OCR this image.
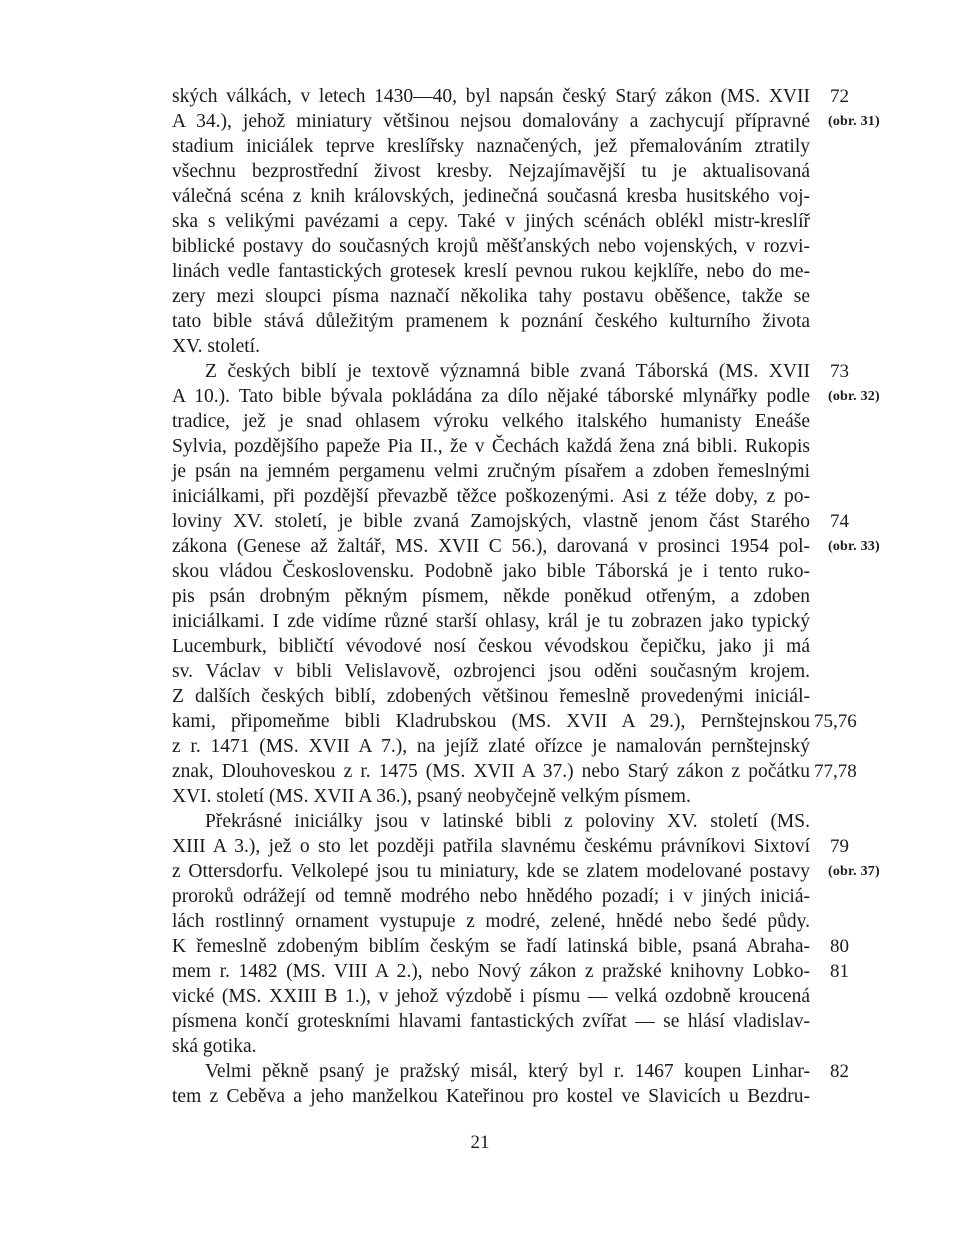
ských válkách, v letech 1430—40, byl napsán český Starý zákon (MS. XVII
A 34.), jehož miniatury většinou nejsou domalovány a zachycují přípravné
stadium iniciálek teprve kreslířsky naznačených, jež přemalováním ztratily
všechnu bezprostřední živost kresby. Nejzajímavější tu je aktualisovaná
válečná scéna z knih královských, jedinečná současná kresba husitského voj-
ska s velikými pavézami a cepy. Také v jiných scénách oblékl mistr-kreslíř
biblické postavy do současných krojů měšťanských nebo vojenských, v rozvi-
linách vedle fantastických grotesek kreslí pevnou rukou kejklíře, nebo do me-
zery mezi sloupci písma naznačí několika tahy postavu oběšence, takže se
tato bible stává důležitým pramenem k poznání českého kulturního života
XV. století.
Z českých biblí je textově významná bible zvaná Táborská (MS. XVII
A 10.). Tato bible bývala pokládána za dílo nějaké táborské mlynářky podle
tradice, jež je snad ohlasem výroku velkého italského humanisty Eneáše
Sylvia, pozdějšího papeže Pia II., že v Čechách každá žena zná bibli. Rukopis
je psán na jemném pergamenu velmi zručným písařem a zdoben řemeslnými
iniciálkami, při pozdější převazbě těžce poškozenými. Asi z téže doby, z po-
loviny XV. století, je bible zvaná Zamojských, vlastně jenom část Starého
zákona (Genese až žaltář, MS. XVII C 56.), darovaná v prosinci 1954 pol-
skou vládou Československu. Podobně jako bible Táborská je i tento ruko-
pis psán drobným pěkným písmem, někde poněkud otřeným, a zdoben
iniciálkami. I zde vidíme různé starší ohlasy, král je tu zobrazen jako typický
Lucemburk, bibličtí vévodové nosí českou vévodskou čepičku, jako ji má
sv. Václav v bibli Velislavově, ozbrojenci jsou oděni současným krojem.
Z dalších českých biblí, zdobených většinou řemeslně provedenými iniciál-
kami, připomeňme bibli Kladrubskou (MS. XVII A 29.), Pernštejnskou
z r. 1471 (MS. XVII A 7.), na jejíž zlaté ořízce je namalován pernštejnský
znak, Dlouhoveskou z r. 1475 (MS. XVII A 37.) nebo Starý zákon z počátku
XVI. století (MS. XVII A 36.), psaný neobyčejně velkým písmem.
Překrásné iniciálky jsou v latinské bibli z poloviny XV. století (MS.
XIII A 3.), jež o sto let později patřila slavnému českému právníkovi Sixtoví
z Ottersdorfu. Velkolepé jsou tu miniatury, kde se zlatem modelované postavy
proroků odrážejí od temně modrého nebo hnědého pozadí; i v jiných iniciá-
lách rostlinný ornament vystupuje z modré, zelené, hnědé nebo šedé půdy.
K řemeslně zdobeným biblím českým se řadí latinská bible, psaná Abraha-
mem r. 1482 (MS. VIII A 2.), nebo Nový zákon z pražské knihovny Lobko-
vické (MS. XXIII B 1.), v jehož výzdobě i písmu — velká ozdobně kroucená
písmena končí groteskními hlavami fantastických zvířat — se hlásí vladislav-
ská gotika.
Velmi pěkně psaný je pražský misál, který byl r. 1467 koupen Linhar-
tem z Ceběva a jeho manželkou Kateřinou pro kostel ve Slavicích u Bezdru-
72
(obr. 31)
73
(obr. 32)
74
(obr. 33)
75,76
77,78
79
(obr. 37)
80
81
82
21
